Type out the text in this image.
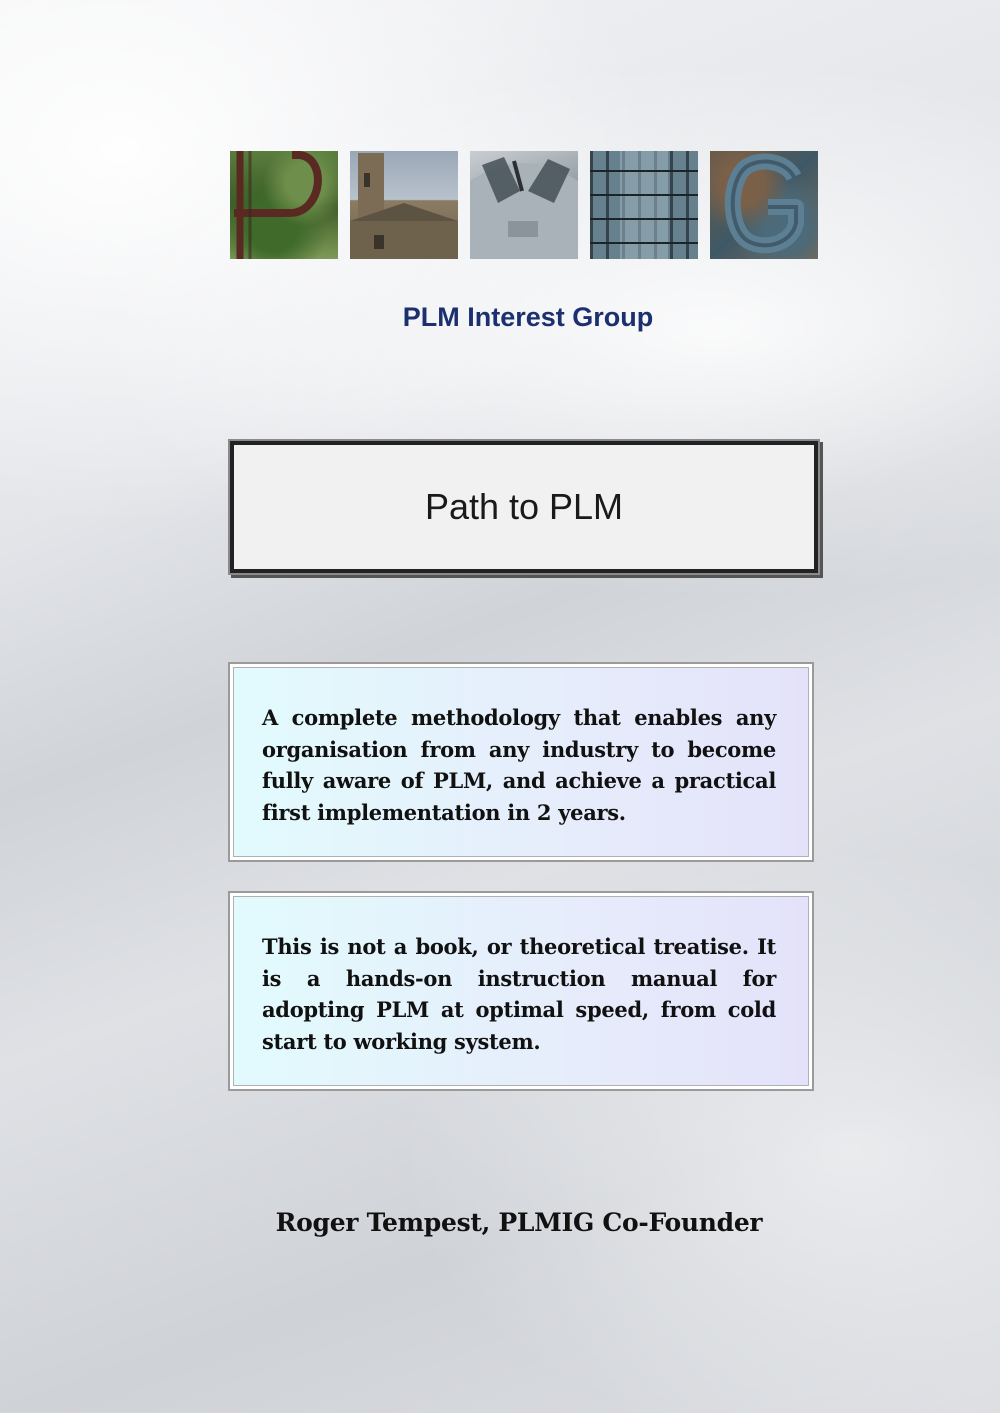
PLM Interest Group
Path to PLM

A complete methodology that enables any organisation from any industry to become fully aware of PLM, and achieve a practical first implementation in 2 years.

This is not a book, or theoretical treatise. It is a hands-on instruction manual for adopting PLM at optimal speed, from cold start to working system.

Roger Tempest, PLMIG Co-Founder
